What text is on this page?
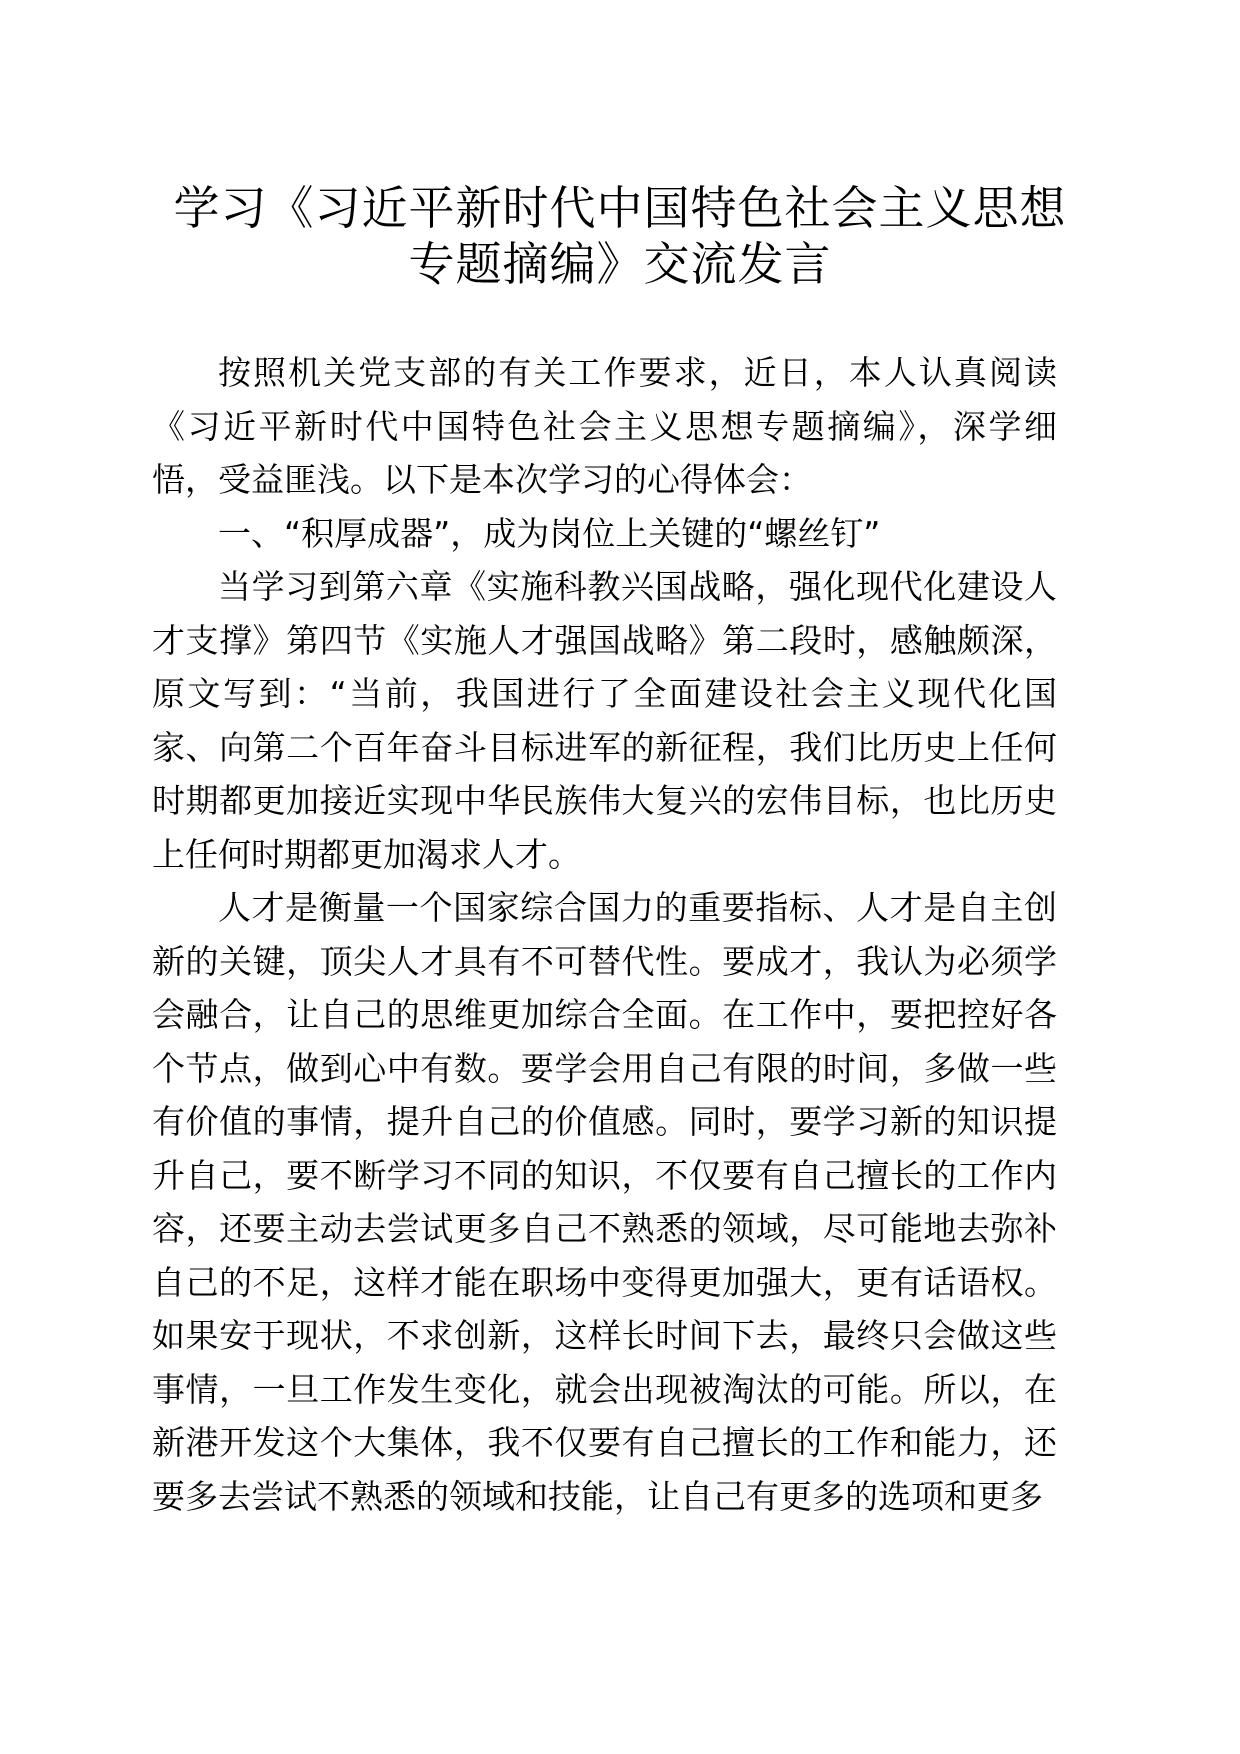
学习《习近平新时代中国特色社会主义思想
专题摘编》交流发言

按照机关党支部的有关工作要求，近日，本人认真阅读《习近平新时代中国特色社会主义思想专题摘编》，深学细悟，受益匪浅。以下是本次学习的心得体会：

一、“积厚成器”，成为岗位上关键的“螺丝钉”

当学习到第六章《实施科教兴国战略，强化现代化建设人才支撑》第四节《实施人才强国战略》第二段时，感触颇深，原文写到：“当前，我国进行了全面建设社会主义现代化国家、向第二个百年奋斗目标进军的新征程，我们比历史上任何时期都更加接近实现中华民族伟大复兴的宏伟目标，也比历史上任何时期都更加渴求人才。

人才是衡量一个国家综合国力的重要指标、人才是自主创新的关键，顶尖人才具有不可替代性。要成才，我认为必须学会融合，让自己的思维更加综合全面。在工作中，要把控好各个节点，做到心中有数。要学会用自己有限的时间，多做一些有价值的事情，提升自己的价值感。同时，要学习新的知识提升自己，要不断学习不同的知识，不仅要有自己擅长的工作内容，还要主动去尝试更多自己不熟悉的领域，尽可能地去弥补自己的不足，这样才能在职场中变得更加强大，更有话语权。如果安于现状，不求创新，这样长时间下去，最终只会做这些事情，一旦工作发生变化，就会出现被淘汰的可能。所以，在新港开发这个大集体，我不仅要有自己擅长的工作和能力，还要多去尝试不熟悉的领域和技能，让自己有更多的选项和更多
